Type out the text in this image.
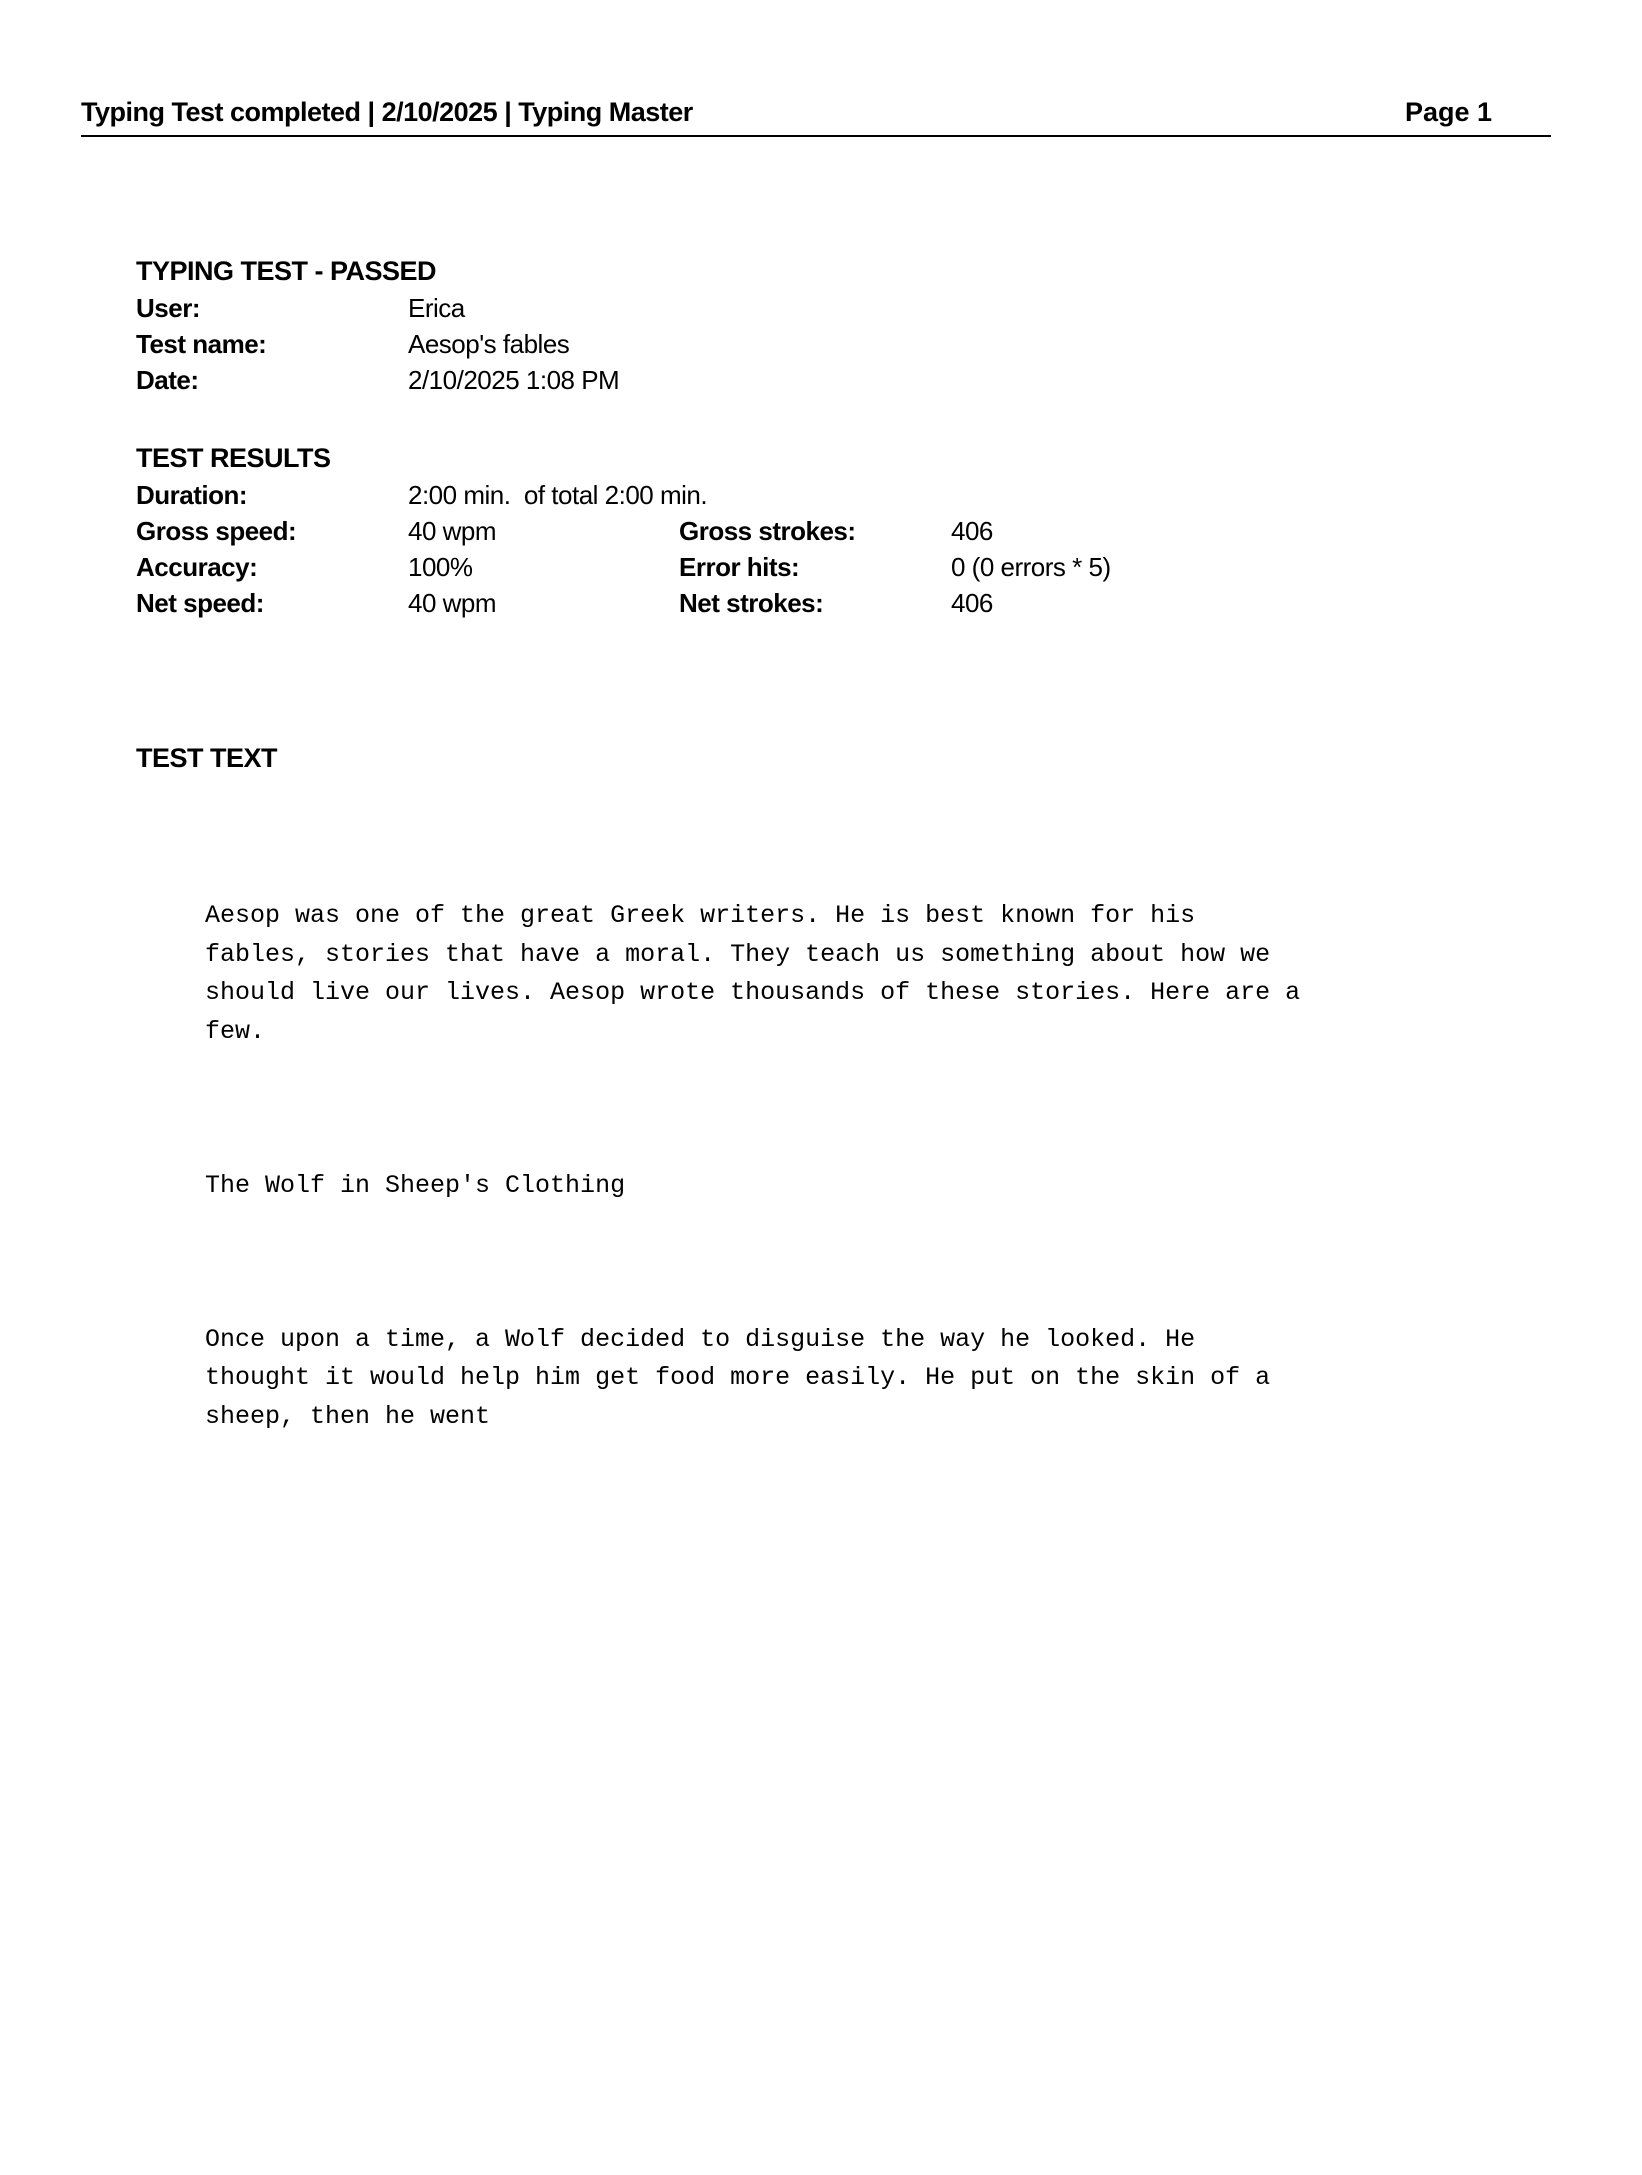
Typing Test completed | 2/10/2025 | Typing Master	Page 1
TYPING TEST - PASSED
User:	Erica
Test name:	Aesop's fables
Date:	2/10/2025 1:08 PM
TEST RESULTS
Duration:	2:00 min.  of total 2:00 min.
Gross speed:	40 wpm	Gross strokes:	406
Accuracy:	100%	Error hits:	0 (0 errors * 5)
Net speed:	40 wpm	Net strokes:	406
TEST TEXT

Aesop was one of the great Greek writers. He is best known for his
fables, stories that have a moral. They teach us something about how we
should live our lives. Aesop wrote thousands of these stories. Here are a
few.

The Wolf in Sheep's Clothing

Once upon a time, a Wolf decided to disguise the way he looked. He
thought it would help him get food more easily. He put on the skin of a
sheep, then he went
